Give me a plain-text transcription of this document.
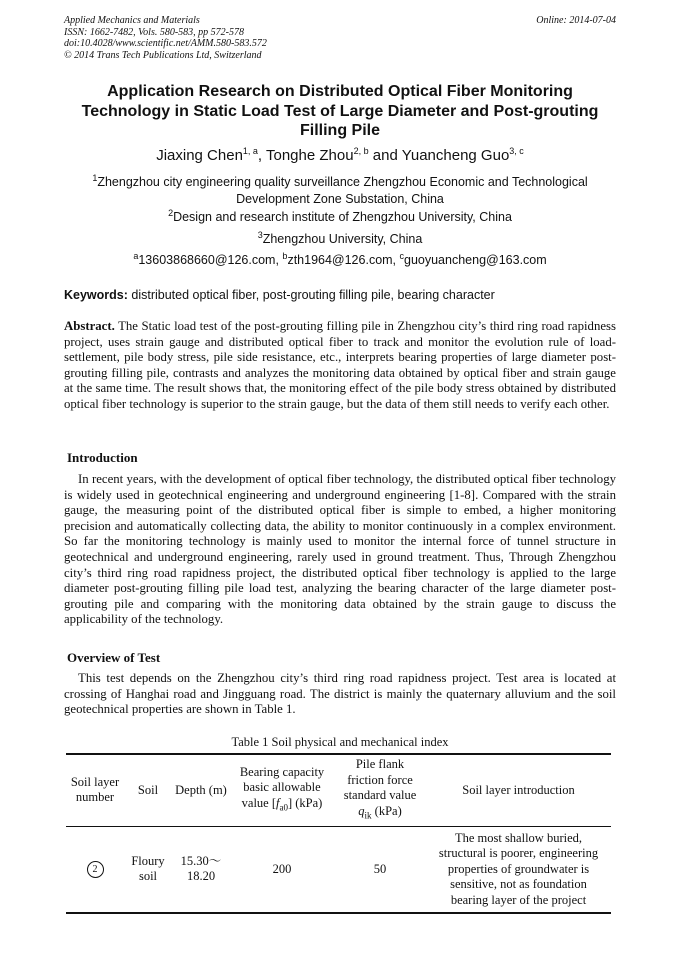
Applied Mechanics and Materials
ISSN: 1662-7482, Vols. 580-583, pp 572-578
doi:10.4028/www.scientific.net/AMM.580-583.572
© 2014 Trans Tech Publications Ltd, Switzerland
Online: 2014-07-04
Application Research on Distributed Optical Fiber Monitoring Technology in Static Load Test of Large Diameter and Post-grouting Filling Pile
Jiaxing Chen$^{1, a}$, Tonghe Zhou$^{2, b}$ and Yuancheng Guo$^{3, c}$
$^1$Zhengzhou city engineering quality surveillance Zhengzhou Economic and Technological Development Zone Substation, China
$^2$Design and research institute of Zhengzhou University, China
$^3$Zhengzhou University, China
$^a$13603868660@126.com, $^b$zth1964@126.com, $^c$guoyuancheng@163.com
Keywords: distributed optical fiber, post-grouting filling pile, bearing character
Abstract. The Static load test of the post-grouting filling pile in Zhengzhou city’s third ring road rapidness project, uses strain gauge and distributed optical fiber to track and monitor the evolution rule of load-settlement, pile body stress, pile side resistance, etc., interprets bearing properties of large diameter post-grouting filling pile, contrasts and analyzes the monitoring data obtained by optical fiber and strain gauge at the same time. The result shows that, the monitoring effect of the pile body stress obtained by distributed optical fiber technology is superior to the strain gauge, but the data of them still needs to verify each other.
Introduction
In recent years, with the development of optical fiber technology, the distributed optical fiber technology is widely used in geotechnical engineering and underground engineering [1-8]. Compared with the strain gauge, the measuring point of the distributed optical fiber is simple to embed, a higher monitoring precision and automatically collecting data, the ability to monitor continuously in a complex environment. So far the monitoring technology is mainly used to monitor the internal force of tunnel structure in geotechnical and underground engineering, rarely used in ground treatment. Thus, Through Zhengzhou city’s third ring road rapidness project, the distributed optical fiber technology is applied to the large diameter post-grouting filling pile load test, analyzing the bearing character of the large diameter post-grouting pile and comparing with the monitoring data obtained by the strain gauge to discuss the applicability of the technology.
Overview of Test
This test depends on the Zhengzhou city’s third ring road rapidness project. Test area is located at crossing of Hanghai road and Jingguang road. The district is mainly the quaternary alluvium and the soil geotechnical properties are shown in Table 1.
Table 1 Soil physical and mechanical index
Soil layer number	Soil	Depth (m)	Bearing capacity basic allowable value $[f_{a0}]$ (kPa)	Pile flank friction force standard value
$q_{ik}$ (kPa)	Soil layer introduction
2	Floury soil	15.30～18.20	200	50	The most shallow buried, structural is poorer, engineering properties of groundwater is sensitive, not as foundation bearing layer of the project
